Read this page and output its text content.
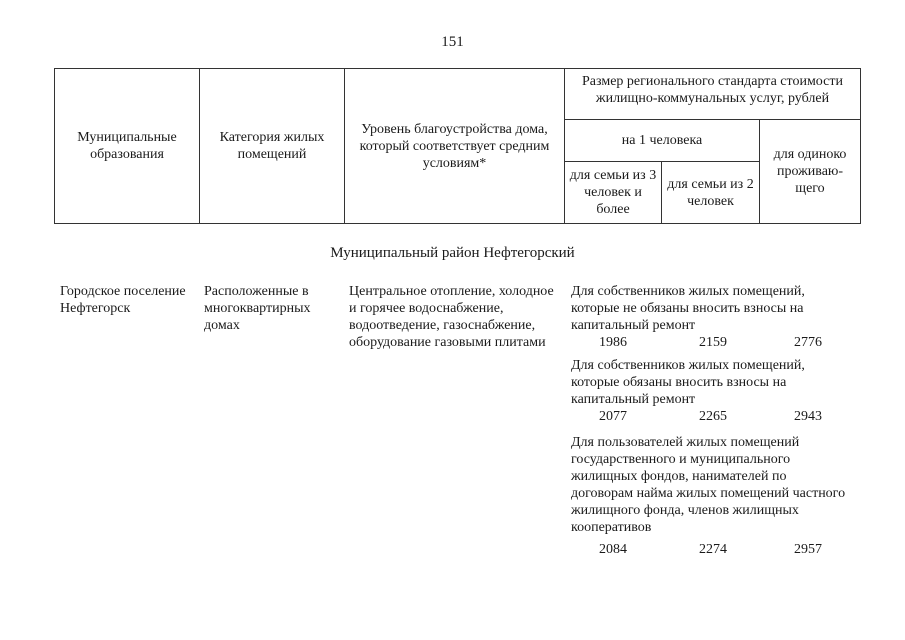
151
Муниципальные образования	Категория жилых помещений	Уровень благоустройства дома, который соответствует средним условиям*	Размер регионального стандарта стоимости жилищно-коммунальных услуг, рублей		
			на 1 человека		для одиноко проживаю-щего
			для семьи из 3 человек и более	для семьи из 2 человек	
Муниципальный район Нефтегорский
Городское поселение Нефтегорск
Расположенные в многоквартирных домах
Центральное отопление, холодное и горячее водоснабжение, водоотведение, газоснабжение, оборудование газовыми плитами
Для собственников жилых помещений, которые не обязаны вносить взносы на капитальный ремонт
1986	2159	2776
Для собственников жилых помещений, которые обязаны вносить взносы на капитальный ремонт
2077	2265	2943
Для пользователей жилых помещений государственного и муниципального жилищных фондов, нанимателей по договорам найма жилых помещений частного жилищного фонда, членов жилищных кооперативов
2084	2274	2957
